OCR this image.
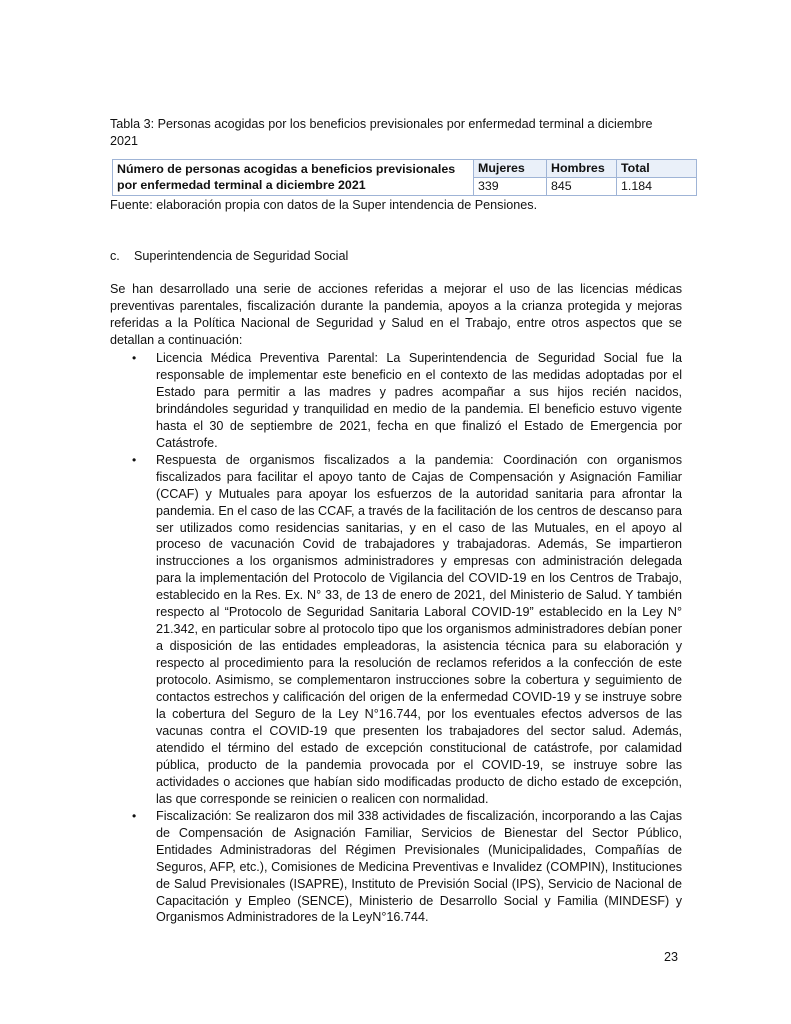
Tabla 3: Personas acogidas por los beneficios previsionales por enfermedad terminal a diciembre 2021
Número de personas acogidas a beneficios previsionales por enfermedad terminal a diciembre 2021	Mujeres	Hombres	Total
	339	845	1.184
Fuente: elaboración propia con datos de la Super intendencia de Pensiones.
c. Superintendencia de Seguridad Social
Se han desarrollado una serie de acciones referidas a mejorar el uso de las licencias médicas preventivas parentales, fiscalización durante la pandemia, apoyos a la crianza protegida y mejoras referidas a la Política Nacional de Seguridad y Salud en el Trabajo, entre otros aspectos que se detallan a continuación:
• Licencia Médica Preventiva Parental: La Superintendencia de Seguridad Social fue la responsable de implementar este beneficio en el contexto de las medidas adoptadas por el Estado para permitir a las madres y padres acompañar a sus hijos recién nacidos, brindándoles seguridad y tranquilidad en medio de la pandemia. El beneficio estuvo vigente hasta el 30 de septiembre de 2021, fecha en que finalizó el Estado de Emergencia por Catástrofe.
• Respuesta de organismos fiscalizados a la pandemia: Coordinación con organismos fiscalizados para facilitar el apoyo tanto de Cajas de Compensación y Asignación Familiar (CCAF) y Mutuales para apoyar los esfuerzos de la autoridad sanitaria para afrontar la pandemia. En el caso de las CCAF, a través de la facilitación de los centros de descanso para ser utilizados como residencias sanitarias, y en el caso de las Mutuales, en el apoyo al proceso de vacunación Covid de trabajadores y trabajadoras. Además, Se impartieron instrucciones a los organismos administradores y empresas con administración delegada para la implementación del Protocolo de Vigilancia del COVID-19 en los Centros de Trabajo, establecido en la Res. Ex. N° 33, de 13 de enero de 2021, del Ministerio de Salud. Y también respecto al “Protocolo de Seguridad Sanitaria Laboral COVID-19” establecido en la Ley N° 21.342, en particular sobre al protocolo tipo que los organismos administradores debían poner a disposición de las entidades empleadoras, la asistencia técnica para su elaboración y respecto al procedimiento para la resolución de reclamos referidos a la confección de este protocolo. Asimismo, se complementaron instrucciones sobre la cobertura y seguimiento de contactos estrechos y calificación del origen de la enfermedad COVID-19 y se instruye sobre la cobertura del Seguro de la Ley N°16.744, por los eventuales efectos adversos de las vacunas contra el COVID-19 que presenten los trabajadores del sector salud. Además, atendido el término del estado de excepción constitucional de catástrofe, por calamidad pública, producto de la pandemia provocada por el COVID-19, se instruye sobre las actividades o acciones que habían sido modificadas producto de dicho estado de excepción, las que corresponde se reinicien o realicen con normalidad.
• Fiscalización: Se realizaron dos mil 338 actividades de fiscalización, incorporando a las Cajas de Compensación de Asignación Familiar, Servicios de Bienestar del Sector Público, Entidades Administradoras del Régimen Previsionales (Municipalidades, Compañías de Seguros, AFP, etc.), Comisiones de Medicina Preventivas e Invalidez (COMPIN), Instituciones de Salud Previsionales (ISAPRE), Instituto de Previsión Social (IPS), Servicio de Nacional de Capacitación y Empleo (SENCE), Ministerio de Desarrollo Social y Familia (MINDESF) y Organismos Administradores de la LeyN°16.744.
23
